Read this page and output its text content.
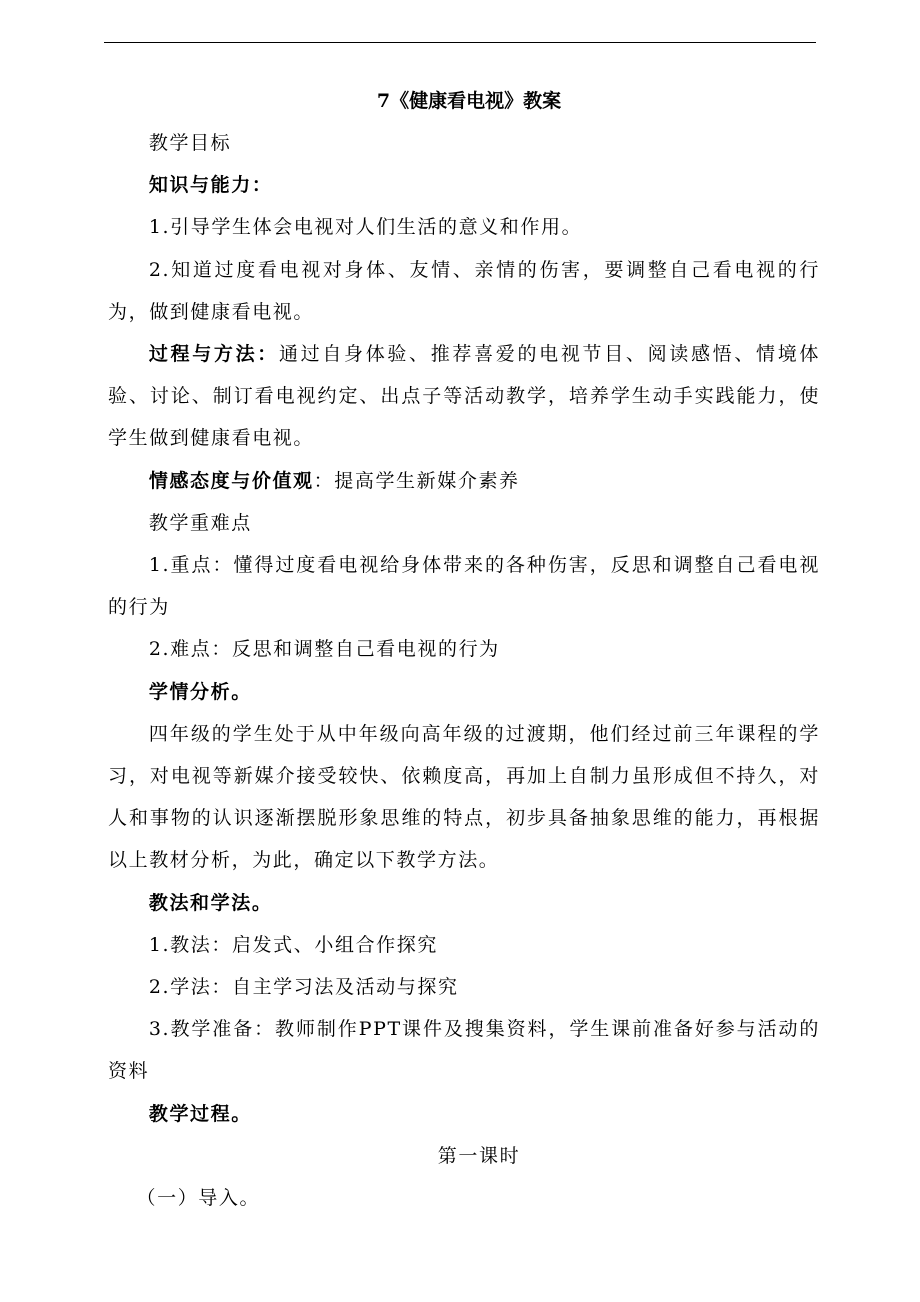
7《健康看电视》教案

教学目标

知识与能力：

1.引导学生体会电视对人们生活的意义和作用。

2.知道过度看电视对身体、友情、亲情的伤害，要调整自己看电视的行为，做到健康看电视。

过程与方法：通过自身体验、推荐喜爱的电视节目、阅读感悟、情境体验、讨论、制订看电视约定、出点子等活动教学，培养学生动手实践能力，使学生做到健康看电视。

情感态度与价值观：提高学生新媒介素养

教学重难点

1.重点：懂得过度看电视给身体带来的各种伤害，反思和调整自己看电视的行为

2.难点：反思和调整自己看电视的行为

学情分析。

四年级的学生处于从中年级向高年级的过渡期，他们经过前三年课程的学习，对电视等新媒介接受较快、依赖度高，再加上自制力虽形成但不持久，对人和事物的认识逐渐摆脱形象思维的特点，初步具备抽象思维的能力，再根据以上教材分析，为此，确定以下教学方法。

教法和学法。

1.教法：启发式、小组合作探究

2.学法：自主学习法及活动与探究

3.教学准备：教师制作PPT课件及搜集资料，学生课前准备好参与活动的资料

教学过程。

第一课时

（一）导入。
